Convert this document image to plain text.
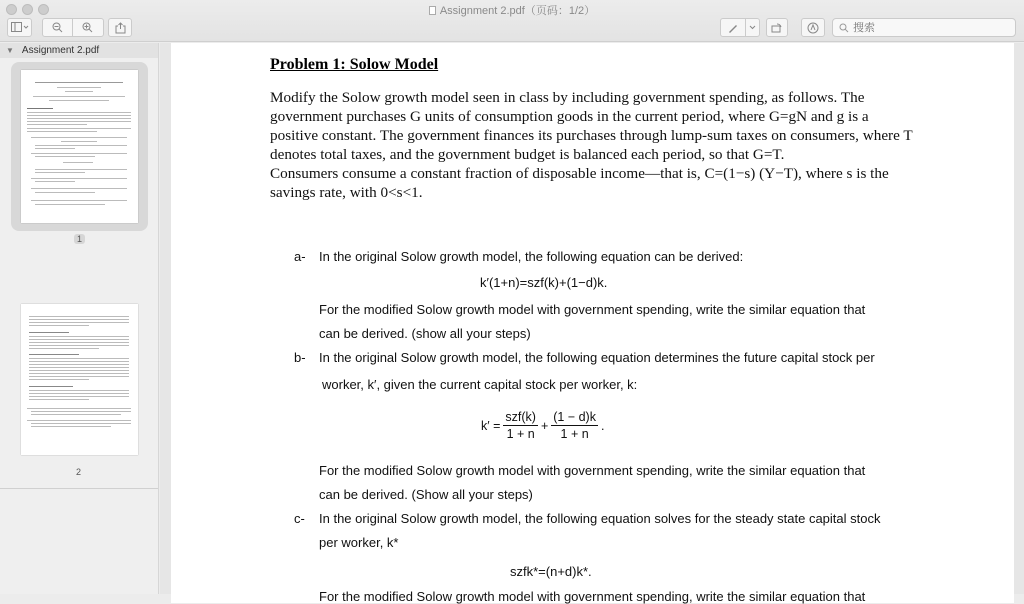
Assignment 2.pdf（页码：1/2）
搜索
▼ Assignment 2.pdf
1
2
Problem 1: Solow Model
Modify the Solow growth model seen in class by including government spending, as follows. The government purchases G units of consumption goods in the current period, where G=gN and g is a positive constant. The government finances its purchases through lump-sum taxes on consumers, where T denotes total taxes, and the government budget is balanced each period, so that G=T.
Consumers consume a constant fraction of disposable income—that is, C=(1−s) (Y−T), where s is the savings rate, with 0<s<1.
a- In the original Solow growth model, the following equation can be derived:
k′(1+n)=szf(k)+(1−d)k.
For the modified Solow growth model with government spending, write the similar equation that
can be derived. (show all your steps)
b- In the original Solow growth model, the following equation determines the future capital stock per
worker, k′, given the current capital stock per worker, k:
$k' = \frac{\text{szf(k)}}{1 + n} + \frac{(1 - d)k}{1 + n}$ .
For the modified Solow growth model with government spending, write the similar equation that
can be derived. (Show all your steps)
c- In the original Solow growth model, the following equation solves for the steady state capital stock
per worker, k*
szfk*=(n+d)k*.
For the modified Solow growth model with government spending, write the similar equation that
